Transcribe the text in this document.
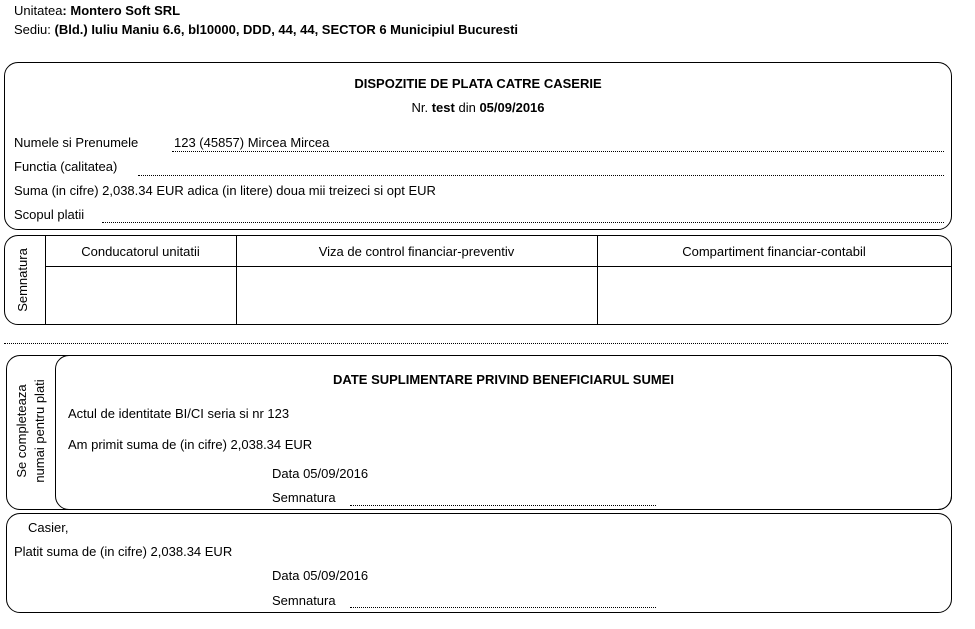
Unitatea: Montero Soft SRL
Sediu: (Bld.) Iuliu Maniu 6.6, bl10000, DDD, 44, 44, SECTOR 6 Municipiul Bucuresti
DISPOZITIE DE PLATA CATRE CASERIE
Nr. test din 05/09/2016
Numele si Prenumele	123 (45857) Mircea Mircea
Functia (calitatea)
Suma (in cifre) 2,038.34 EUR adica (in litere) doua mii treizeci si opt EUR
Scopul platii
Semnatura	Conducatorul unitatii	Viza de control financiar-preventiv	Compartiment financiar-contabil
Se completeaza numai pentru plati	DATE SUPLIMENTARE PRIVIND BENEFICIARUL SUMEI
Actul de identitate BI/CI seria si nr 123
Am primit suma de (in cifre) 2,038.34 EUR
Data 05/09/2016
Semnatura
Casier,
Platit suma de (in cifre) 2,038.34 EUR
Data 05/09/2016
Semnatura
